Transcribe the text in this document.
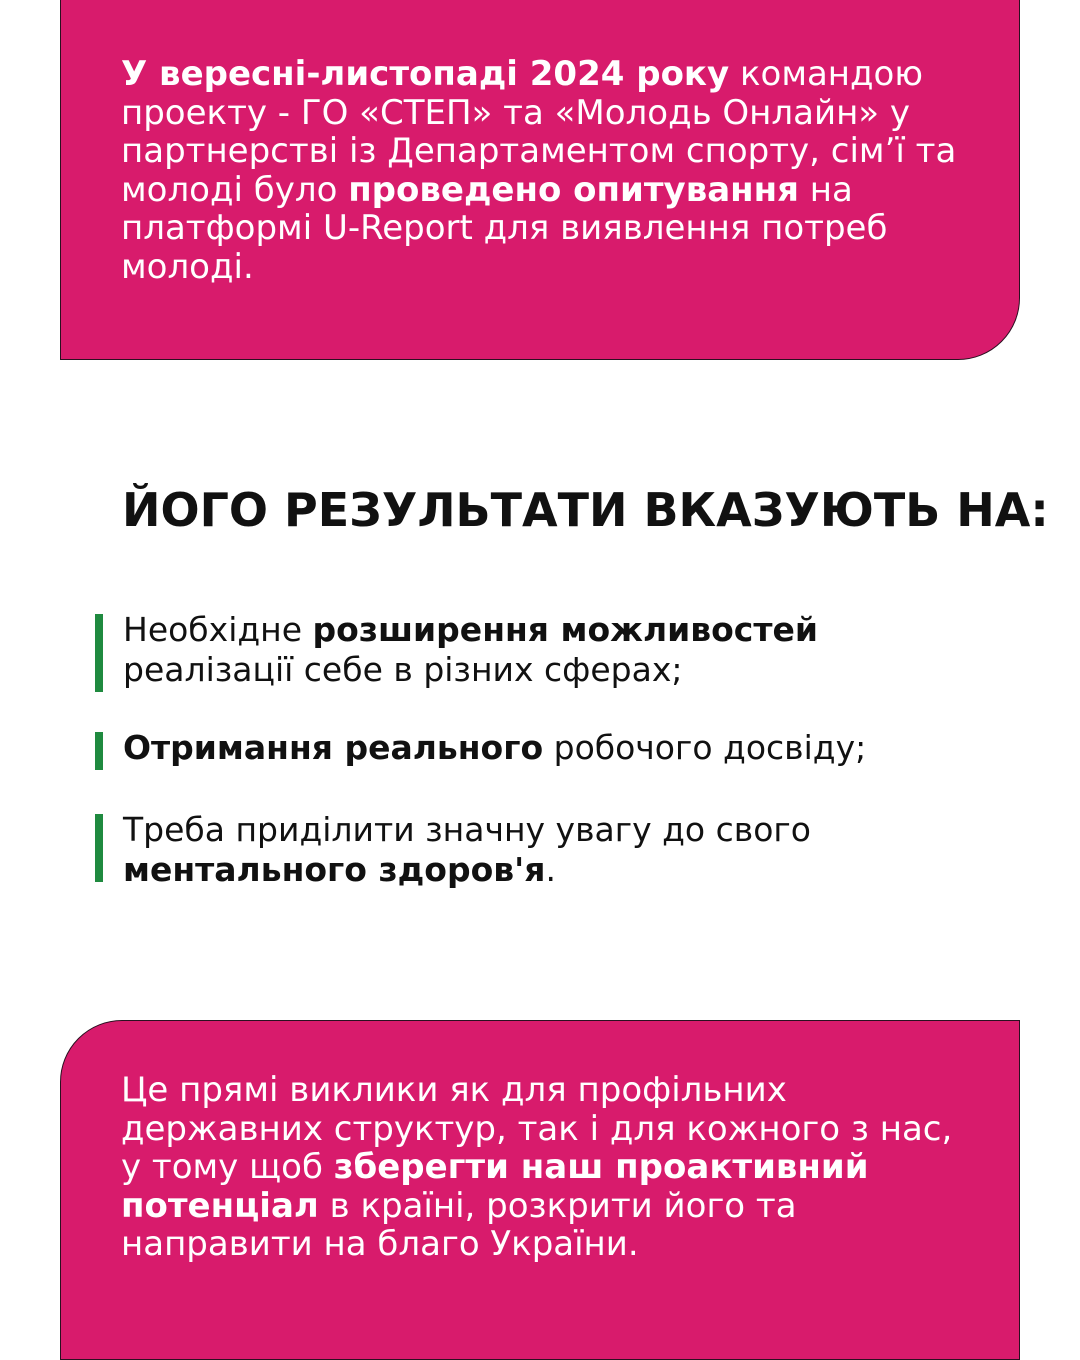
У вересні-листопаді 2024 року командою проекту - ГО «СТЕП» та «Молодь Онлайн» у партнерстві із Департаментом спорту, сім’ї та молоді було проведено опитування на платформі U-Report для виявлення потреб молоді.

ЙОГО РЕЗУЛЬТАТИ ВКАЗУЮТЬ НА:

Необхідне розширення можливостей реалізації себе в різних сферах;

Отримання реального робочого досвіду;

Треба приділити значну увагу до свого ментального здоров'я.

Це прямі виклики як для профільних державних структур, так і для кожного з нас, у тому щоб зберегти наш проактивний потенціал в країні, розкрити його та направити на благо України.
